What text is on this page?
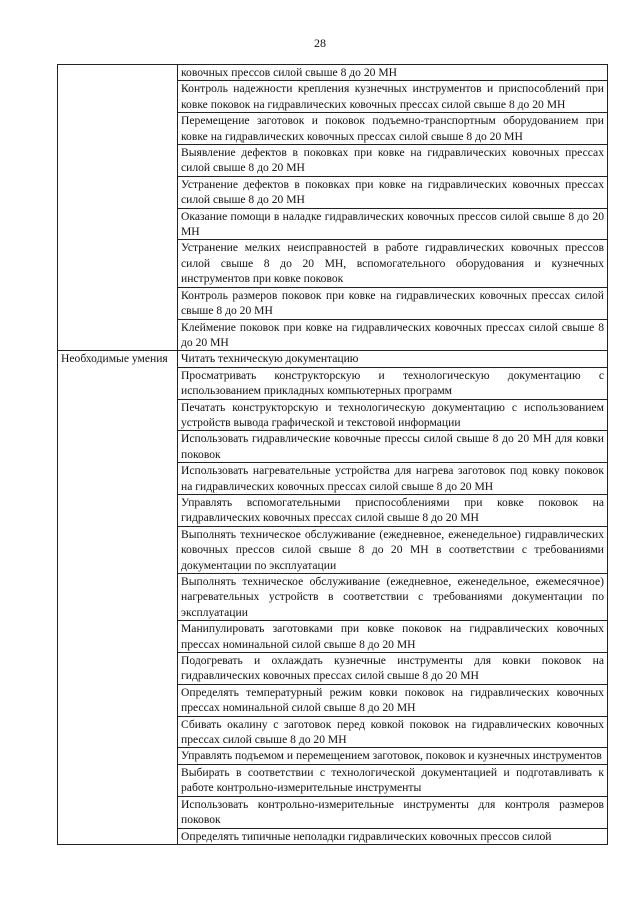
28
	ковочных прессов силой свыше 8 до 20 МН
	Контроль надежности крепления кузнечных инструментов и приспособлений при ковке поковок на гидравлических ковочных прессах силой свыше 8 до 20 МН
	Перемещение заготовок и поковок подъемно-транспортным оборудованием при ковке на гидравлических ковочных прессах силой свыше 8 до 20 МН
	Выявление дефектов в поковках при ковке на гидравлических ковочных прессах силой свыше 8 до 20 МН
	Устранение дефектов в поковках при ковке на гидравлических ковочных прессах силой свыше 8 до 20 МН
	Оказание помощи в наладке гидравлических ковочных прессов силой свыше 8 до 20 МН
	Устранение мелких неисправностей в работе гидравлических ковочных прессов силой свыше 8 до 20 МН, вспомогательного оборудования и кузнечных инструментов при ковке поковок
	Контроль размеров поковок при ковке на гидравлических ковочных прессах силой свыше 8 до 20 МН
	Клеймение поковок при ковке на гидравлических ковочных прессах силой свыше 8 до 20 МН
Необходимые умения	Читать техническую документацию
	Просматривать конструкторскую и технологическую документацию с использованием прикладных компьютерных программ
	Печатать конструкторскую и технологическую документацию с использованием устройств вывода графической и текстовой информации
	Использовать гидравлические ковочные прессы силой свыше 8 до 20 МН для ковки поковок
	Использовать нагревательные устройства для нагрева заготовок под ковку поковок на гидравлических ковочных прессах силой свыше 8 до 20 МН
	Управлять вспомогательными приспособлениями при ковке поковок на гидравлических ковочных прессах силой свыше 8 до 20 МН
	Выполнять техническое обслуживание (ежедневное, еженедельное) гидравлических ковочных прессов силой свыше 8 до 20 МН в соответствии с требованиями документации по эксплуатации
	Выполнять техническое обслуживание (ежедневное, еженедельное, ежемесячное) нагревательных устройств в соответствии с требованиями документации по эксплуатации
	Манипулировать заготовками при ковке поковок на гидравлических ковочных прессах номинальной силой свыше 8 до 20 МН
	Подогревать и охлаждать кузнечные инструменты для ковки поковок на гидравлических ковочных прессах силой свыше 8 до 20 МН
	Определять температурный режим ковки поковок на гидравлических ковочных прессах номинальной силой свыше 8 до 20 МН
	Сбивать окалину с заготовок перед ковкой поковок на гидравлических ковочных прессах силой свыше 8 до 20 МН
	Управлять подъемом и перемещением заготовок, поковок и кузнечных инструментов
	Выбирать в соответствии с технологической документацией и подготавливать к работе контрольно-измерительные инструменты
	Использовать контрольно-измерительные инструменты для контроля размеров поковок
	Определять типичные неполадки гидравлических ковочных прессов силой
